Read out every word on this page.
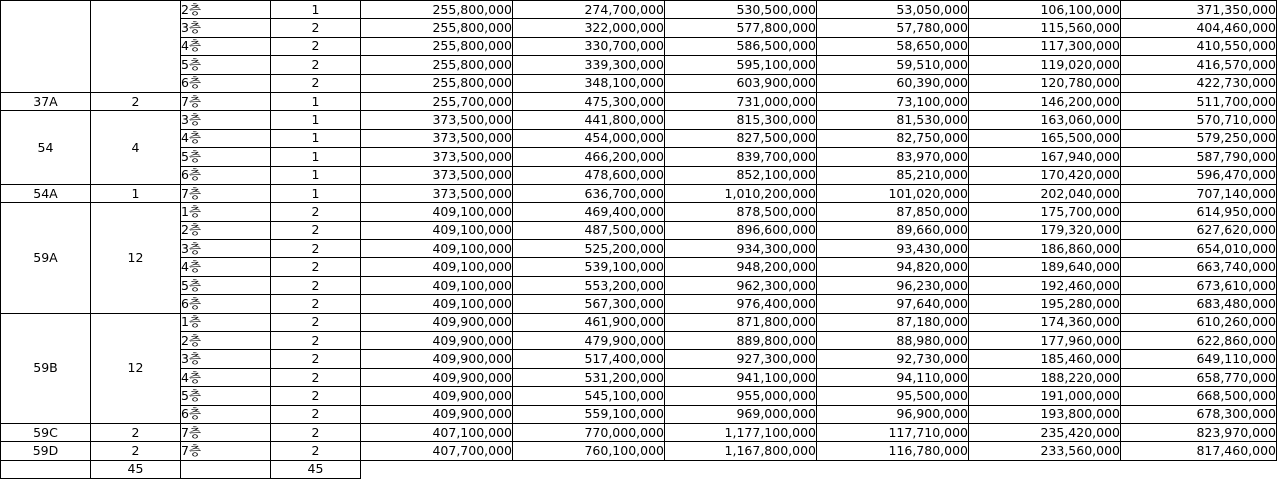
		2층	1	255,800,000	274,700,000	530,500,000	53,050,000	106,100,000	371,350,000
		3층	2	255,800,000	322,000,000	577,800,000	57,780,000	115,560,000	404,460,000
		4층	2	255,800,000	330,700,000	586,500,000	58,650,000	117,300,000	410,550,000
		5층	2	255,800,000	339,300,000	595,100,000	59,510,000	119,020,000	416,570,000
		6층	2	255,800,000	348,100,000	603,900,000	60,390,000	120,780,000	422,730,000
37A	2	7층	1	255,700,000	475,300,000	731,000,000	73,100,000	146,200,000	511,700,000
54	4	3층	1	373,500,000	441,800,000	815,300,000	81,530,000	163,060,000	570,710,000
		4층	1	373,500,000	454,000,000	827,500,000	82,750,000	165,500,000	579,250,000
		5층	1	373,500,000	466,200,000	839,700,000	83,970,000	167,940,000	587,790,000
		6층	1	373,500,000	478,600,000	852,100,000	85,210,000	170,420,000	596,470,000
54A	1	7층	1	373,500,000	636,700,000	1,010,200,000	101,020,000	202,040,000	707,140,000
59A	12	1층	2	409,100,000	469,400,000	878,500,000	87,850,000	175,700,000	614,950,000
		2층	2	409,100,000	487,500,000	896,600,000	89,660,000	179,320,000	627,620,000
		3층	2	409,100,000	525,200,000	934,300,000	93,430,000	186,860,000	654,010,000
		4층	2	409,100,000	539,100,000	948,200,000	94,820,000	189,640,000	663,740,000
		5층	2	409,100,000	553,200,000	962,300,000	96,230,000	192,460,000	673,610,000
		6층	2	409,100,000	567,300,000	976,400,000	97,640,000	195,280,000	683,480,000
59B	12	1층	2	409,900,000	461,900,000	871,800,000	87,180,000	174,360,000	610,260,000
		2층	2	409,900,000	479,900,000	889,800,000	88,980,000	177,960,000	622,860,000
		3층	2	409,900,000	517,400,000	927,300,000	92,730,000	185,460,000	649,110,000
		4층	2	409,900,000	531,200,000	941,100,000	94,110,000	188,220,000	658,770,000
		5층	2	409,900,000	545,100,000	955,000,000	95,500,000	191,000,000	668,500,000
		6층	2	409,900,000	559,100,000	969,000,000	96,900,000	193,800,000	678,300,000
59C	2	7층	2	407,100,000	770,000,000	1,177,100,000	117,710,000	235,420,000	823,970,000
59D	2	7층	2	407,700,000	760,100,000	1,167,800,000	116,780,000	233,560,000	817,460,000
	45		45						
